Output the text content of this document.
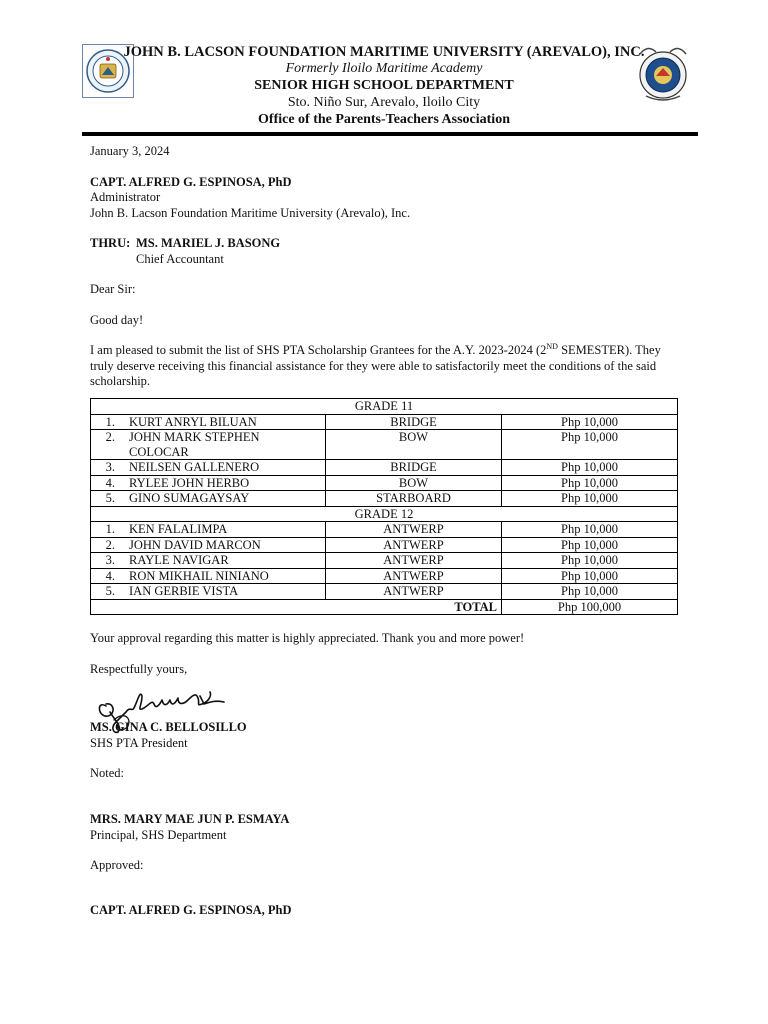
JOHN B. LACSON FOUNDATION MARITIME UNIVERSITY (AREVALO), INC.
Formerly Iloilo Maritime Academy
SENIOR HIGH SCHOOL DEPARTMENT
Sto. Niño Sur, Arevalo, Iloilo City
Office of the Parents-Teachers Association

January 3, 2024

CAPT. ALFRED G. ESPINOSA, PhD

Administrator

John B. Lacson Foundation Maritime University (Arevalo), Inc.

THRU: MS. MARIEL J. BASONG

Chief Accountant

Dear Sir:

Good day!

I am pleased to submit the list of SHS PTA Scholarship Grantees for the A.Y. 2023-2024 (2ND SEMESTER). They truly deserve receiving this financial assistance for they were able to satisfactorily meet the conditions of the said scholarship.

GRADE 11		
1. KURT ANRYL BILUAN	BRIDGE	Php 10,000
2. JOHN MARK STEPHEN COLOCAR	BOW	Php 10,000
3. NEILSEN GALLENERO	BRIDGE	Php 10,000
4. RYLEE JOHN HERBO	BOW	Php 10,000
5. GINO SUMAGAYSAY	STARBOARD	Php 10,000
GRADE 12		
1. KEN FALALIMPA	ANTWERP	Php 10,000
2. JOHN DAVID MARCON	ANTWERP	Php 10,000
3. RAYLE NAVIGAR	ANTWERP	Php 10,000
4. RON MIKHAIL NINIANO	ANTWERP	Php 10,000
5. IAN GERBIE VISTA	ANTWERP	Php 10,000
TOTAL		Php 100,000

Your approval regarding this matter is highly appreciated. Thank you and more power!

Respectfully yours,

MS. GINA C. BELLOSILLO

SHS PTA President

Noted:

MRS. MARY MAE JUN P. ESMAYA

Principal, SHS Department

Approved:

CAPT. ALFRED G. ESPINOSA, PhD
